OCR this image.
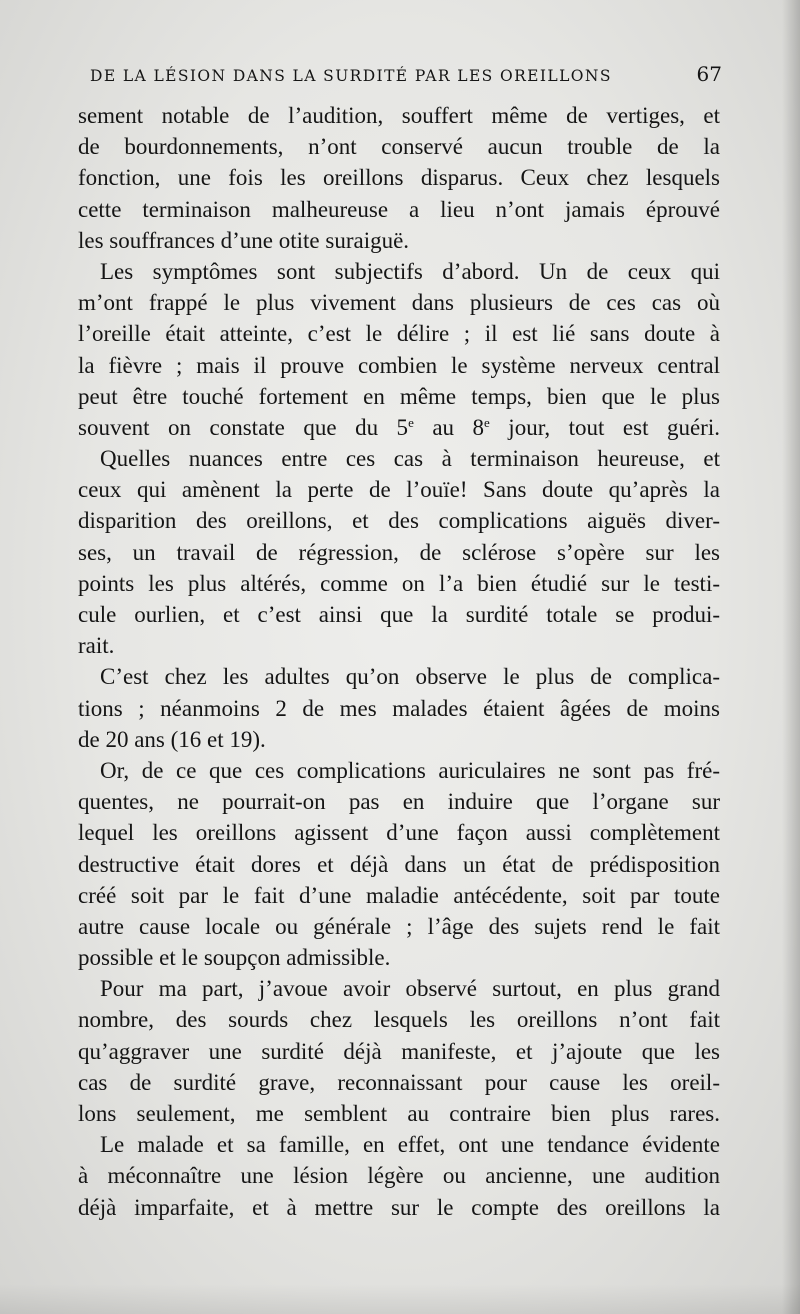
DE LA LÉSION DANS LA SURDITÉ PAR LES OREILLONS	67
sement notable de l’audition, souffert même de vertiges, et
de bourdonnements, n’ont conservé aucun trouble de la
fonction, une fois les oreillons disparus. Ceux chez lesquels
cette terminaison malheureuse a lieu n’ont jamais éprouvé
les souffrances d’une otite suraiguë.
Les symptômes sont subjectifs d’abord. Un de ceux qui
m’ont frappé le plus vivement dans plusieurs de ces cas où
l’oreille était atteinte, c’est le délire ; il est lié sans doute à
la fièvre ; mais il prouve combien le système nerveux central
peut être touché fortement en même temps, bien que le plus
souvent on constate que du 5e au 8e jour, tout est guéri.
Quelles nuances entre ces cas à terminaison heureuse, et
ceux qui amènent la perte de l’ouïe! Sans doute qu’après la
disparition des oreillons, et des complications aiguës diver-
ses, un travail de régression, de sclérose s’opère sur les
points les plus altérés, comme on l’a bien étudié sur le testi-
cule ourlien, et c’est ainsi que la surdité totale se produi-
rait.
C’est chez les adultes qu’on observe le plus de complica-
tions ; néanmoins 2 de mes malades étaient âgées de moins
de 20 ans (16 et 19).
Or, de ce que ces complications auriculaires ne sont pas fré-
quentes, ne pourrait-on pas en induire que l’organe sur
lequel les oreillons agissent d’une façon aussi complètement
destructive était dores et déjà dans un état de prédisposition
créé soit par le fait d’une maladie antécédente, soit par toute
autre cause locale ou générale ; l’âge des sujets rend le fait
possible et le soupçon admissible.
Pour ma part, j’avoue avoir observé surtout, en plus grand
nombre, des sourds chez lesquels les oreillons n’ont fait
qu’aggraver une surdité déjà manifeste, et j’ajoute que les
cas de surdité grave, reconnaissant pour cause les oreil-
lons seulement, me semblent au contraire bien plus rares.
Le malade et sa famille, en effet, ont une tendance évidente
à méconnaître une lésion légère ou ancienne, une audition
déjà imparfaite, et à mettre sur le compte des oreillons la
